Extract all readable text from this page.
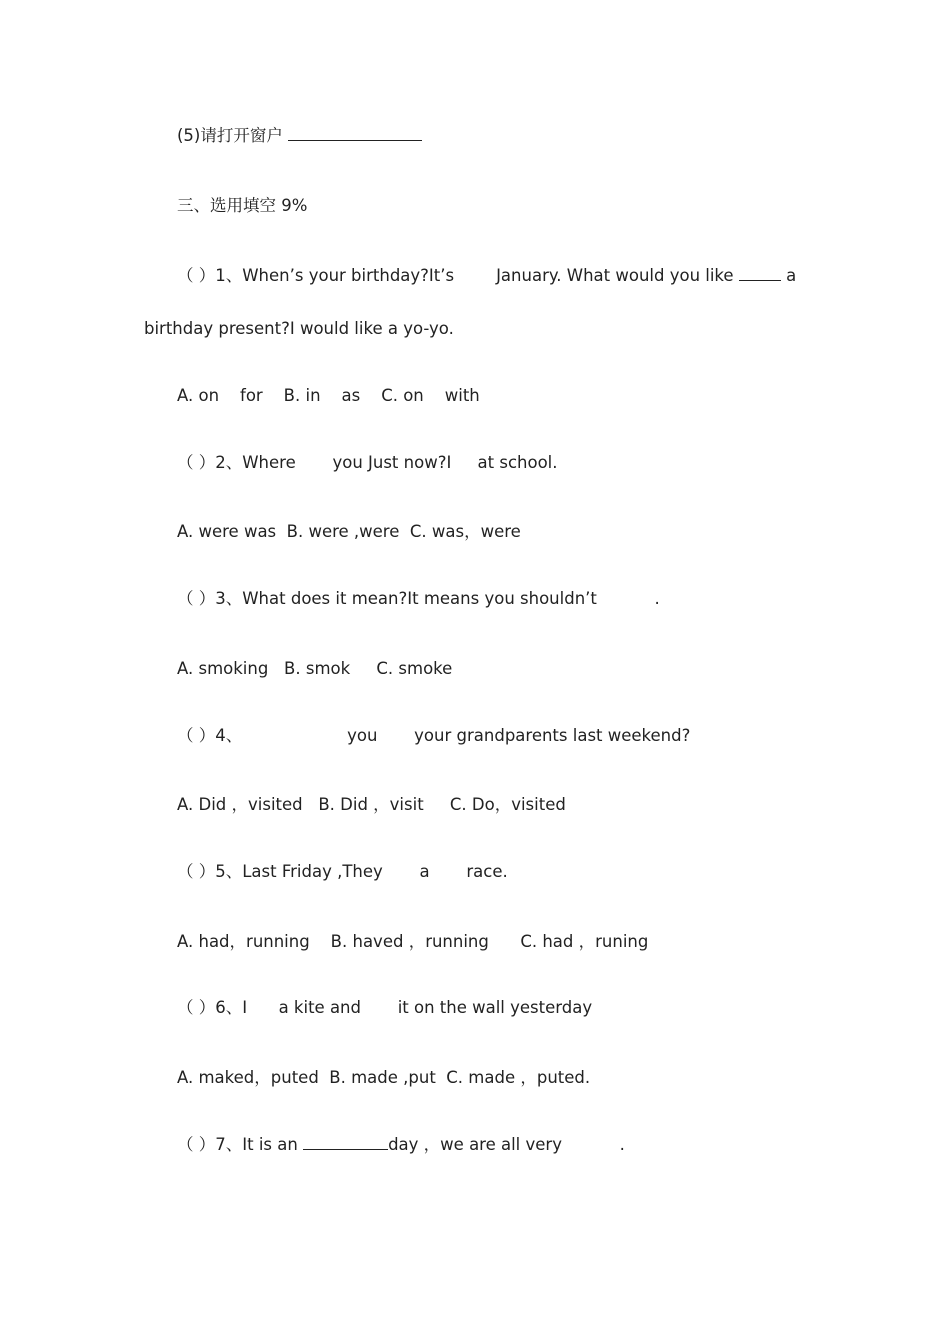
(5)请打开窗户
三、选用填空 9%
（ ）1、When’s your birthday?It’s        January. What would you like	a
birthday present?I would like a yo-yo.
A. on    for    B. in    as    C. on    with
（ ）2、Where       you Just now?I     at school.
A. were was  B. were ,were  C. was，were
（ ）3、What does it mean?It means you shouldn’t           .
A. smoking   B. smok     C. smoke
（ ）4、                    you       your grandparents last weekend?
A. Did ，visited   B. Did ，visit     C. Do，visited
（ ）5、Last Friday ,They       a       race.
A. had，running    B. haved ，running      C. had ，runing
（ ）6、I      a kite and       it on the wall yesterday
A. maked，puted  B. made ,put  C. made ，puted.
（ ）7、It is an	day ，we are all very           .
